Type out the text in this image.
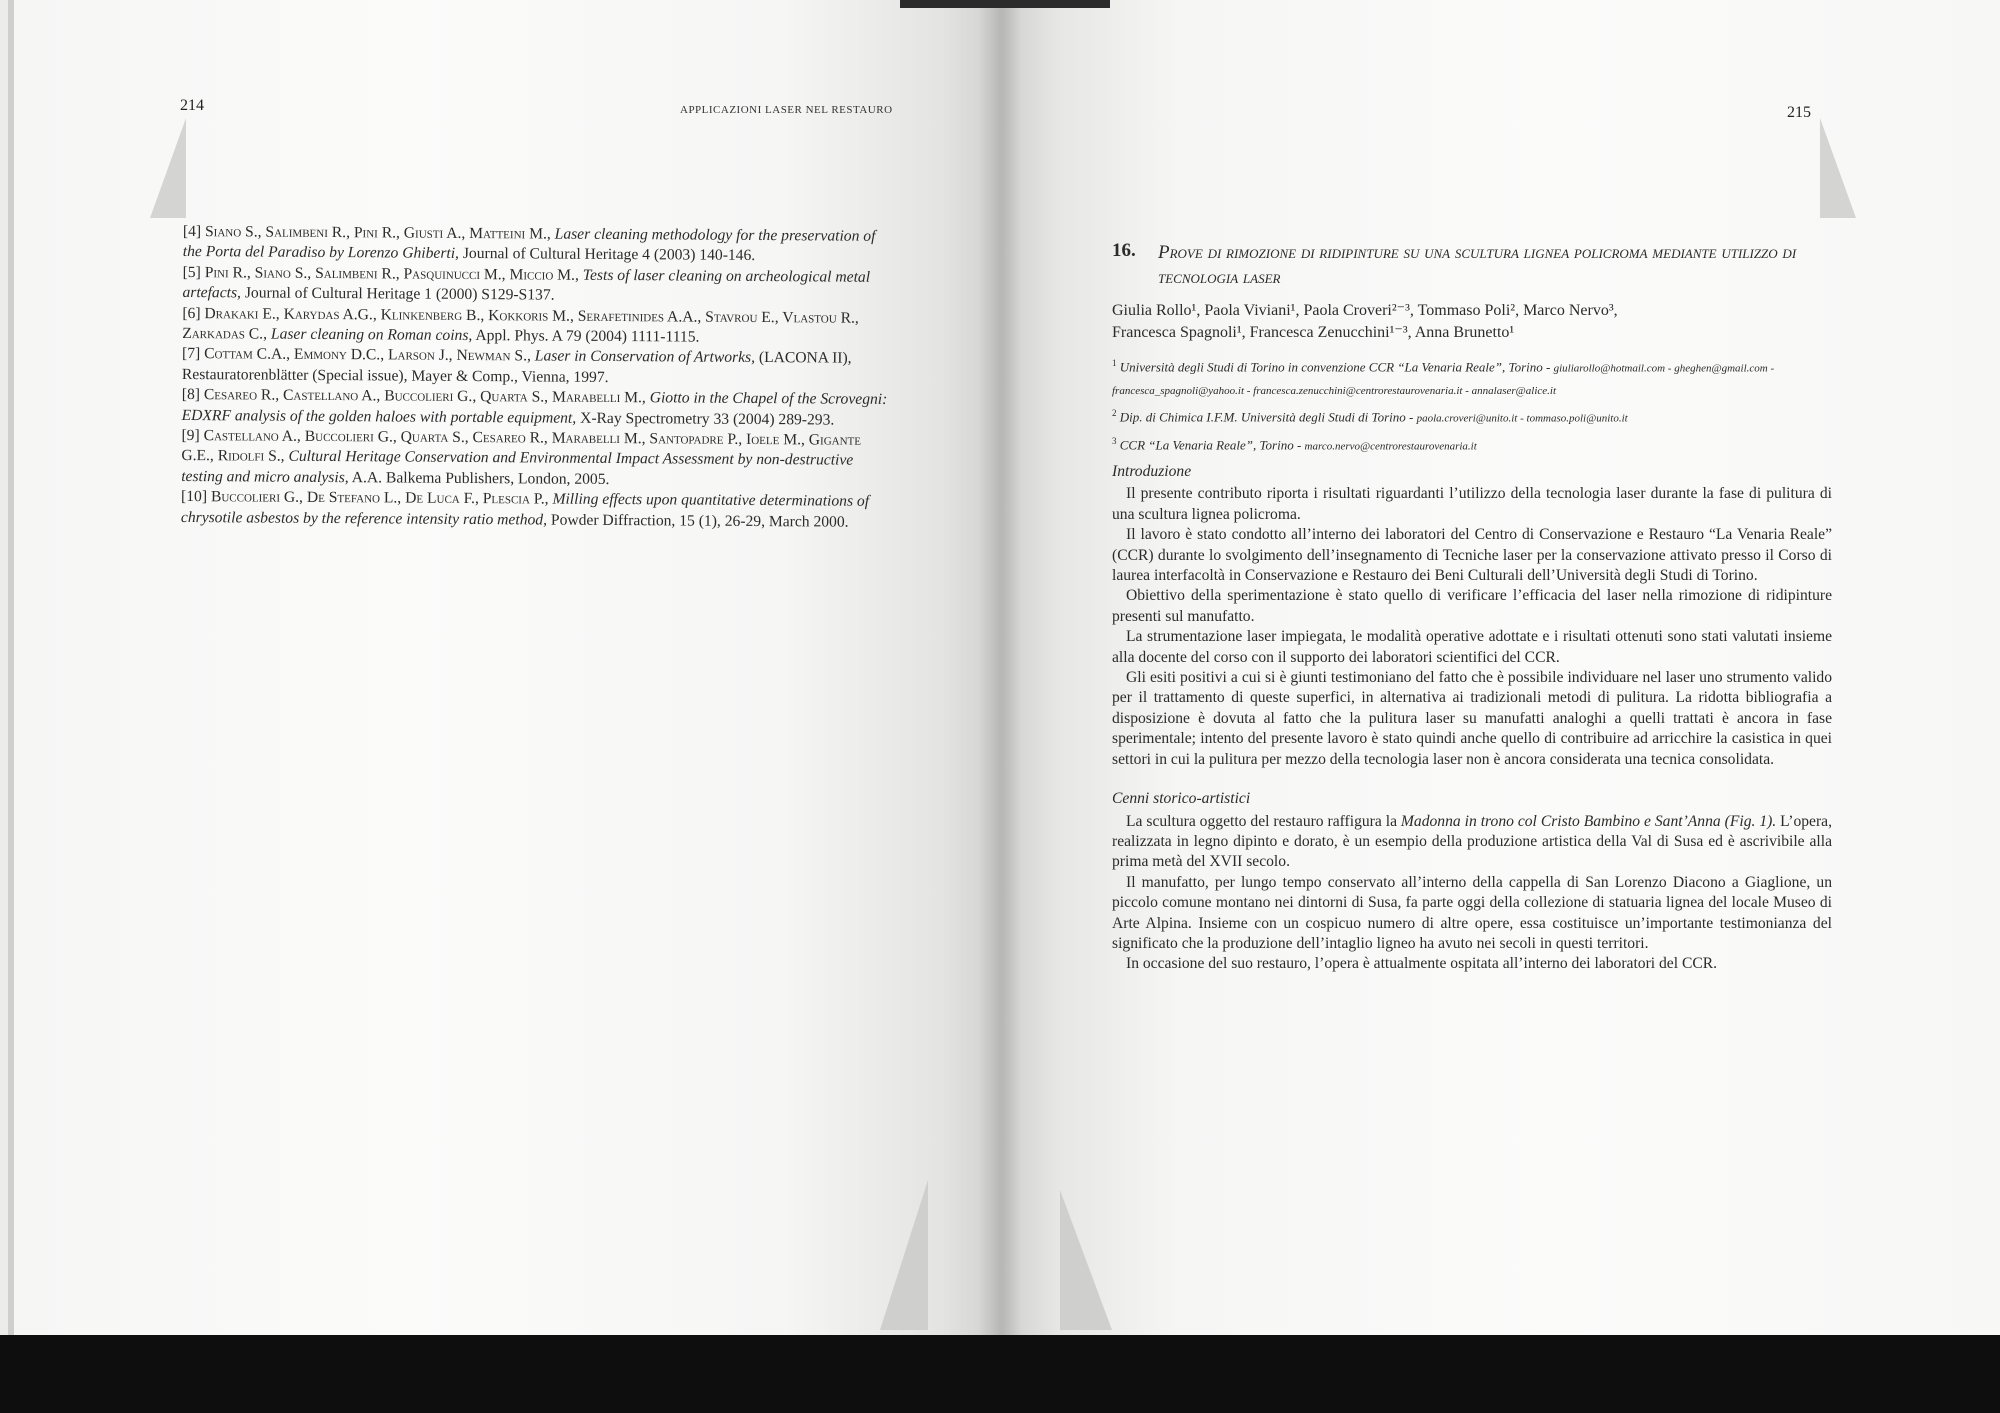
214	APPLICAZIONI LASER NEL RESTAURO

[4] Siano S., Salimbeni R., Pini R., Giusti A., Matteini M., Laser cleaning methodology for the preservation of the Porta del Paradiso by Lorenzo Ghiberti, Journal of Cultural Heritage 4 (2003) 140-146.

[5] Pini R., Siano S., Salimbeni R., Pasquinucci M., Miccio M., Tests of laser cleaning on archeological metal artefacts, Journal of Cultural Heritage 1 (2000) S129-S137.

[6] Drakaki E., Karydas A.G., Klinkenberg B., Kokkoris M., Serafetinides A.A., Stavrou E., Vlastou R., Zarkadas C., Laser cleaning on Roman coins, Appl. Phys. A 79 (2004) 1111-1115.

[7] Cottam C.A., Emmony D.C., Larson J., Newman S., Laser in Conservation of Artworks, (LACONA II), Restauratorenblätter (Special issue), Mayer & Comp., Vienna, 1997.

[8] Cesareo R., Castellano A., Buccolieri G., Quarta S., Marabelli M., Giotto in the Chapel of the Scrovegni: EDXRF analysis of the golden haloes with portable equipment, X-Ray Spectrometry 33 (2004) 289-293.

[9] Castellano A., Buccolieri G., Quarta S., Cesareo R., Marabelli M., Santopadre P., Ioele M., Gigante G.E., Ridolfi S., Cultural Heritage Conservation and Environmental Impact Assessment by non-destructive testing and micro analysis, A.A. Balkema Publishers, London, 2005.

[10] Buccolieri G., De Stefano L., De Luca F., Plescia P., Milling effects upon quantitative determinations of chrysotile asbestos by the reference intensity ratio method, Powder Diffraction, 15 (1), 26-29, March 2000.

215
16. Prove di rimozione di ridipinture su una scultura lignea policroma mediante utilizzo di tecnologia laser
Giulia Rollo¹, Paola Viviani¹, Paola Croveri²⁻³, Tommaso Poli², Marco Nervo³,
Francesca Spagnoli¹, Francesca Zenucchini¹⁻³, Anna Brunetto¹
$^1$ Università degli Studi di Torino in convenzione CCR “La Venaria Reale”, Torino - giuliarollo@hotmail.com - gheghen@gmail.com - francesca_spagnoli@yahoo.it - francesca.zenucchini@centrorestaurovenaria.it - annalaser@alice.it
$^2$ Dip. di Chimica I.F.M. Università degli Studi di Torino - paola.croveri@unito.it - tommaso.poli@unito.it
$^3$ CCR “La Venaria Reale”, Torino - marco.nervo@centrorestaurovenaria.it
Introduzione

Il presente contributo riporta i risultati riguardanti l’utilizzo della tecnologia laser durante la fase di pulitura di una scultura lignea policroma.

Il lavoro è stato condotto all’interno dei laboratori del Centro di Conservazione e Restauro “La Venaria Reale” (CCR) durante lo svolgimento dell’insegnamento di Tecniche laser per la conservazione attivato presso il Corso di laurea interfacoltà in Conservazione e Restauro dei Beni Culturali dell’Università degli Studi di Torino.

Obiettivo della sperimentazione è stato quello di verificare l’efficacia del laser nella rimozione di ridipinture presenti sul manufatto.

La strumentazione laser impiegata, le modalità operative adottate e i risultati ottenuti sono stati valutati insieme alla docente del corso con il supporto dei laboratori scientifici del CCR.

Gli esiti positivi a cui si è giunti testimoniano del fatto che è possibile individuare nel laser uno strumento valido per il trattamento di queste superfici, in alternativa ai tradizionali metodi di pulitura. La ridotta bibliografia a disposizione è dovuta al fatto che la pulitura laser su manufatti analoghi a quelli trattati è ancora in fase sperimentale; intento del presente lavoro è stato quindi anche quello di contribuire ad arricchire la casistica in quei settori in cui la pulitura per mezzo della tecnologia laser non è ancora considerata una tecnica consolidata.

Cenni storico-artistici

La scultura oggetto del restauro raffigura la Madonna in trono col Cristo Bambino e Sant’Anna (Fig. 1). L’opera, realizzata in legno dipinto e dorato, è un esempio della produzione artistica della Val di Susa ed è ascrivibile alla prima metà del XVII secolo.

Il manufatto, per lungo tempo conservato all’interno della cappella di San Lorenzo Diacono a Giaglione, un piccolo comune montano nei dintorni di Susa, fa parte oggi della collezione di statuaria lignea del locale Museo di Arte Alpina. Insieme con un cospicuo numero di altre opere, essa costituisce un’importante testimonianza del significato che la produzione dell’intaglio ligneo ha avuto nei secoli in questi territori.

In occasione del suo restauro, l’opera è attualmente ospitata all’interno dei laboratori del CCR.
